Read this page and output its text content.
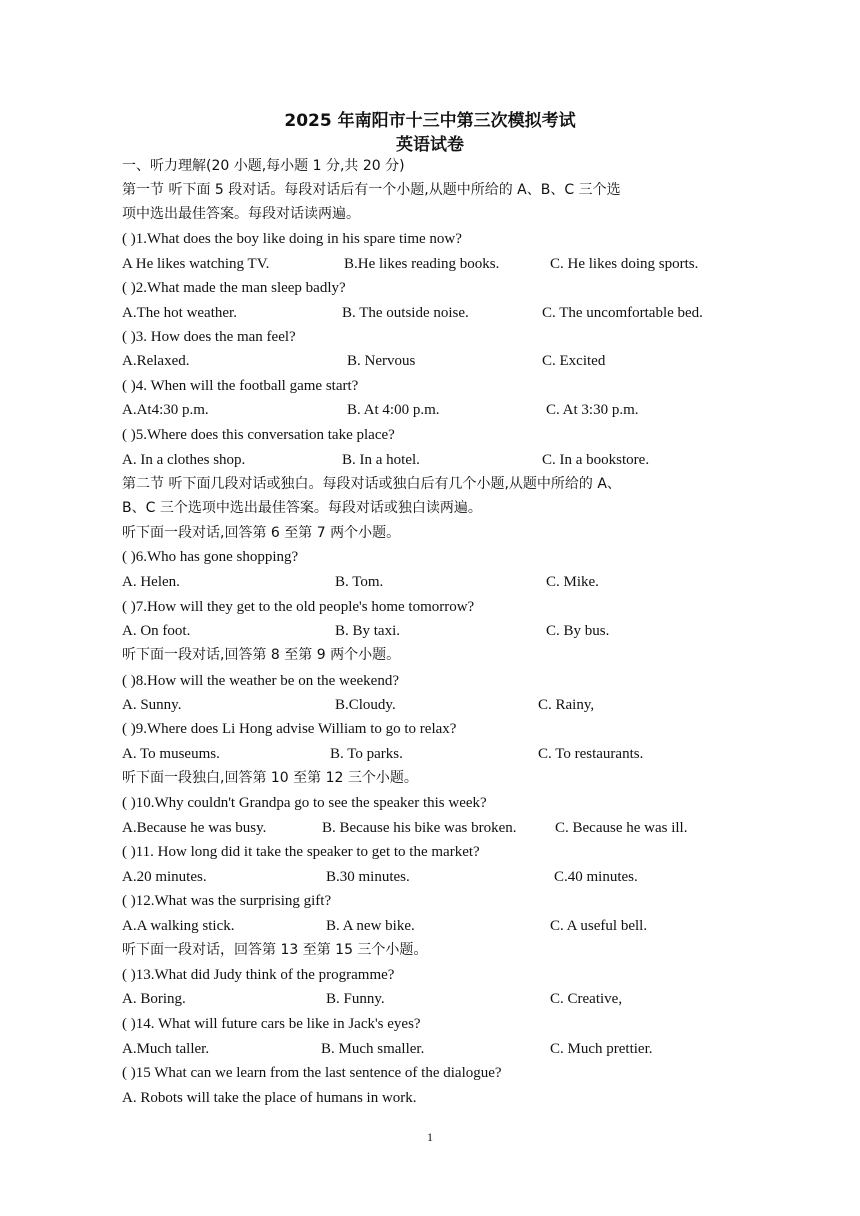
2025 年南阳市十三中第三次模拟考试
英语试卷
一、听力理解(20 小题,每小题 1 分,共 20 分)
第一节 听下面 5 段对话。每段对话后有一个小题,从题中所给的 A、B、C 三个选
项中选出最佳答案。每段对话读两遍。
( )1.What does the boy like doing in his spare time now?
A He likes watching TV.	B.He likes reading books.	C. He likes doing sports.
( )2.What made the man sleep badly?
A.The hot weather.	B. The outside noise.	C. The uncomfortable bed.
( )3. How does the man feel?
A.Relaxed.	B. Nervous	C. Excited
( )4. When will the football game start?
A.At4:30 p.m.	B. At 4:00 p.m.	C. At 3:30 p.m.
( )5.Where does this conversation take place?
A. In a clothes shop.	B. In a hotel.	C. In a bookstore.
第二节 听下面几段对话或独白。每段对话或独白后有几个小题,从题中所给的 A、
B、C 三个选项中选出最佳答案。每段对话或独白读两遍。
听下面一段对话,回答第 6 至第 7 两个小题。
( )6.Who has gone shopping?
A. Helen.	B. Tom.	C. Mike.
( )7.How will they get to the old people's home tomorrow?
A. On foot.	B. By taxi.	C. By bus.
听下面一段对话,回答第 8 至第 9 两个小题。
( )8.How will the weather be on the weekend?
A. Sunny.	B.Cloudy.	C. Rainy,
( )9.Where does Li Hong advise William to go to relax?
A. To museums.	B. To parks.	C. To restaurants.
听下面一段独白,回答第 10 至第 12 三个小题。
( )10.Why couldn't Grandpa go to see the speaker this week?
A.Because he was busy.	B. Because his bike was broken.	C. Because he was ill.
( )11. How long did it take the speaker to get to the market?
A.20 minutes.	B.30 minutes.	C.40 minutes.
( )12.What was the surprising gift?
A.A walking stick.	B. A new bike.	C. A useful bell.
听下面一段对话，回答第 13 至第 15 三个小题。
( )13.What did Judy think of the programme?
A. Boring.	B. Funny.	C. Creative,
( )14. What will future cars be like in Jack's eyes?
A.Much taller.	B. Much smaller.	C. Much prettier.
( )15 What can we learn from the last sentence of the dialogue?
A. Robots will take the place of humans in work.
1
